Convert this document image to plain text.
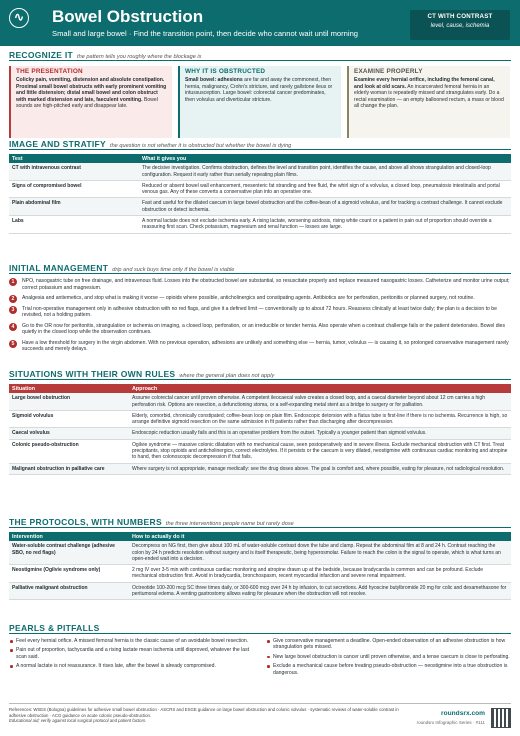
∿ Bowel Obstruction
Small and large bowel · Find the transition point, then decide who cannot wait until morning
CT WITH CONTRAST
level, cause, ischemia
RECOGNIZE IT the pattern tells you roughly where the blockage is
THE PRESENTATION

Colicky pain, vomiting, distension and absolute constipation. Proximal small bowel obstructs with early prominent vomiting and little distension; distal small bowel and colon obstruct with marked distension and late, faeculent vomiting. Bowel sounds are high-pitched early and disappear late.

WHY IT IS OBSTRUCTED

Small bowel: adhesions are far and away the commonest, then hernia, malignancy, Crohn's stricture, and rarely gallstone ileus or intussusception. Large bowel: colorectal cancer predominates, then volvulus and diverticular stricture.

EXAMINE PROPERLY

Examine every hernial orifice, including the femoral canal, and look at old scars. An incarcerated femoral hernia in an elderly woman is repeatedly missed and strangulates early. Do a rectal examination — an empty ballooned rectum, a mass or blood all change the plan.

IMAGE AND STRATIFY the question is not whether it is obstructed but whether the bowel is dying
Test	What it gives you
CT with intravenous contrast	The decisive investigation. Confirms obstruction, defines the level and transition point, identifies the cause, and above all shows strangulation and closed-loop configuration. Request it early rather than serially repeating plain films.
Signs of compromised bowel	Reduced or absent bowel wall enhancement, mesenteric fat stranding and free fluid, the whirl sign of a volvulus, a closed loop, pneumatosis intestinalis and portal venous gas. Any of these converts a conservative plan into an operative one.
Plain abdominal film	Fast and useful for the dilated caecum in large bowel obstruction and the coffee-bean of a sigmoid volvulus, and for tracking a contrast challenge. It cannot exclude obstruction or detect ischemia.
Labs	A normal lactate does not exclude ischemia early. A rising lactate, worsening acidosis, rising white count or a patient in pain out of proportion should override a reassuring first scan. Check potassium, magnesium and renal function — losses are large.
INITIAL MANAGEMENT drip and suck buys time only if the bowel is viable
1	NPO, nasogastric tube on free drainage, and intravenous fluid. Losses into the obstructed bowel are substantial, so resuscitate properly and replace measured nasogastric losses. Catheterize and monitor urine output; correct potassium and magnesium.
2	Analgesia and antiemetics, and stop what is making it worse — opioids where possible, anticholinergics and constipating agents. Antibiotics are for perforation, peritonitis or planned surgery, not routine.
3	Trial non-operative management only in adhesive obstruction with no red flags, and give it a defined limit — conventionally up to about 72 hours. Reassess clinically at least twice daily; the plan is a decision to be revisited, not a holding pattern.
4	Go to the OR now for peritonitis, strangulation or ischemia on imaging, a closed loop, perforation, or an irreducible or tender hernia. Also operate when a contrast challenge fails or the patient deteriorates. Bowel dies quietly in the closed loop while the observation continues.
5	Have a low threshold for surgery in the virgin abdomen. With no previous operation, adhesions are unlikely and something else — hernia, tumor, volvulus — is causing it, so prolonged conservative management rarely succeeds and merely delays.
SITUATIONS WITH THEIR OWN RULES where the general plan does not apply
Situation	Approach
Large bowel obstruction	Assume colorectal cancer until proven otherwise. A competent ileocaecal valve creates a closed loop, and a caecal diameter beyond about 12 cm carries a high perforation risk. Options are resection, a defunctioning stoma, or a self-expanding metal stent as a bridge to surgery or for palliation.
Sigmoid volvulus	Elderly, comorbid, chronically constipated; coffee-bean loop on plain film. Endoscopic detorsion with a flatus tube is first-line if there is no ischemia. Recurrence is high, so arrange definitive sigmoid resection on the same admission in fit patients rather than discharging after decompression.
Caecal volvulus	Endoscopic reduction usually fails and this is an operative problem from the outset. Typically a younger patient than sigmoid volvulus.
Colonic pseudo-obstruction	Ogilvie syndrome — massive colonic dilatation with no mechanical cause, seen postoperatively and in severe illness. Exclude mechanical obstruction with CT first. Treat precipitants, stop opioids and anticholinergics, correct electrolytes. If it persists or the caecum is very dilated, neostigmine with continuous cardiac monitoring and atropine to hand, then colonoscopic decompression if that fails.
Malignant obstruction in palliative care	Where surgery is not appropriate, manage medically: see the drug doses above. The goal is comfort and, where possible, eating for pleasure, not radiological resolution.
THE PROTOCOLS, WITH NUMBERS the three interventions people name but rarely dose
Intervention	How to actually do it
Water-soluble contrast challenge (adhesive SBO, no red flags)	Decompress on NG first, then give about 100 mL of water-soluble contrast down the tube and clamp. Repeat the abdominal film at 8 and 24 h. Contrast reaching the colon by 24 h predicts resolution without surgery and is itself therapeutic, being hyperosmolar. Failure to reach the colon is the signal to operate, which is what turns an open-ended wait into a decision.
Neostigmine (Ogilvie syndrome only)	2 mg IV over 3-5 min with continuous cardiac monitoring and atropine drawn up at the bedside, because bradycardia is common and can be profound. Exclude mechanical obstruction first. Avoid in bradycardia, bronchospasm, recent myocardial infarction and severe renal impairment.
Palliative malignant obstruction	Octreotide 100-200 mcg SC three times daily, or 300-600 mcg over 24 h by infusion, to cut secretions. Add hyoscine butylbromide 20 mg for colic and dexamethasone for peritumoral edema. A venting gastrostomy allows eating for pleasure when the obstruction will not resolve.
PEARLS & PITFALLS
Feel every hernial orifice. A missed femoral hernia is the classic cause of an avoidable bowel resection.
Pain out of proportion, tachycardia and a rising lactate mean ischemia until disproved, whatever the last scan said.
A normal lactate is not reassurance. It rises late, after the bowel is already compromised.
Give conservative management a deadline. Open-ended observation of an adhesive obstruction is how strangulation gets missed.
New large bowel obstruction is cancer until proven otherwise, and a tense caecum is close to perforating.
Exclude a mechanical cause before treating pseudo-obstruction — neostigmine into a true obstruction is dangerous.
References: WSES (Bologna) guidelines for adhesive small bowel obstruction · ASCRS and ESGE guidance on large bowel obstruction and colonic volvulus · systematic reviews of water-soluble contrast in adhesive obstruction · ACG guidance on acute colonic pseudo-obstruction.
Educational aid; verify against local surgical protocol and patient factors.
roundsrx.com
roundsrx Infographic Series · #111
